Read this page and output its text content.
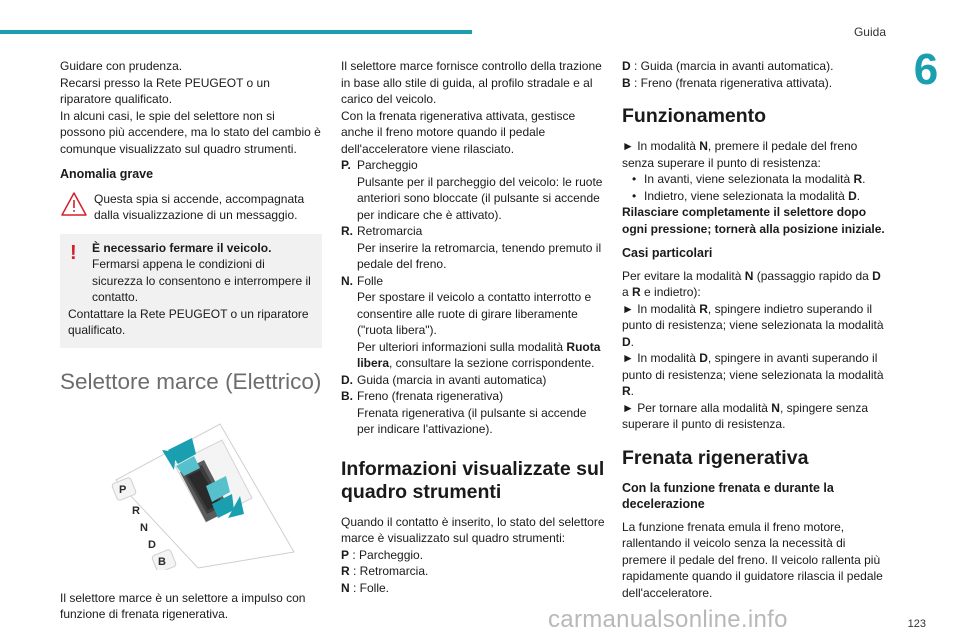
Guida
6

Guidare con prudenza.

Recarsi presso la Rete PEUGEOT o un riparatore qualificato.

In alcuni casi, le spie del selettore non si possono più accendere, ma lo stato del cambio è comunque visualizzato sul quadro strumenti.

Anomalia grave

Questa spia si accende, accompagnata dalla visualizzazione di un messaggio.

!	È necessario fermare il veicolo.

Fermarsi appena le condizioni di sicurezza lo consentono e interrompere il contatto.

Contattare la Rete PEUGEOT o un riparatore qualificato.

Selettore marce (Elettrico)
P
R
N
D
B

Il selettore marce è un selettore a impulso con funzione di frenata rigenerativa.

Il selettore marce fornisce controllo della trazione in base allo stile di guida, al profilo stradale e al carico del veicolo.

Con la frenata rigenerativa attivata, gestisce anche il freno motore quando il pedale dell'acceleratore viene rilasciato.

P. Parcheggio
Pulsante per il parcheggio del veicolo: le ruote anteriori sono bloccate (il pulsante si accende per indicare che è attivato).
R. Retromarcia
Per inserire la retromarcia, tenendo premuto il pedale del freno.
N. Folle
Per spostare il veicolo a contatto interrotto e consentire alle ruote di girare liberamente ("ruota libera").
Per ulteriori informazioni sulla modalità Ruota libera, consultare la sezione corrispondente.
D. Guida (marcia in avanti automatica)
B. Freno (frenata rigenerativa)
Frenata rigenerativa (il pulsante si accende per indicare l'attivazione).
Informazioni visualizzate sul quadro strumenti

Quando il contatto è inserito, lo stato del selettore marce è visualizzato sul quadro strumenti:

P : Parcheggio.

R : Retromarcia.

N : Folle.

D : Guida (marcia in avanti automatica).

B : Freno (frenata rigenerativa attivata).

Funzionamento

► In modalità N, premere il pedale del freno senza superare il punto di resistenza:

• In avanti, viene selezionata la modalità R.
• Indietro, viene selezionata la modalità D.

Rilasciare completamente il selettore dopo ogni pressione; tornerà alla posizione iniziale.

Casi particolari

Per evitare la modalità N (passaggio rapido da D a R e indietro):

► In modalità R, spingere indietro superando il punto di resistenza; viene selezionata la modalità D.

► In modalità D, spingere in avanti superando il punto di resistenza; viene selezionata la modalità R.

► Per tornare alla modalità N, spingere senza superare il punto di resistenza.

Frenata rigenerativa
Con la funzione frenata e durante la decelerazione

La funzione frenata emula il freno motore, rallentando il veicolo senza la necessità di premere il pedale del freno. Il veicolo rallenta più rapidamente quando il guidatore rilascia il pedale dell'acceleratore.

123
carmanualsonline.info
